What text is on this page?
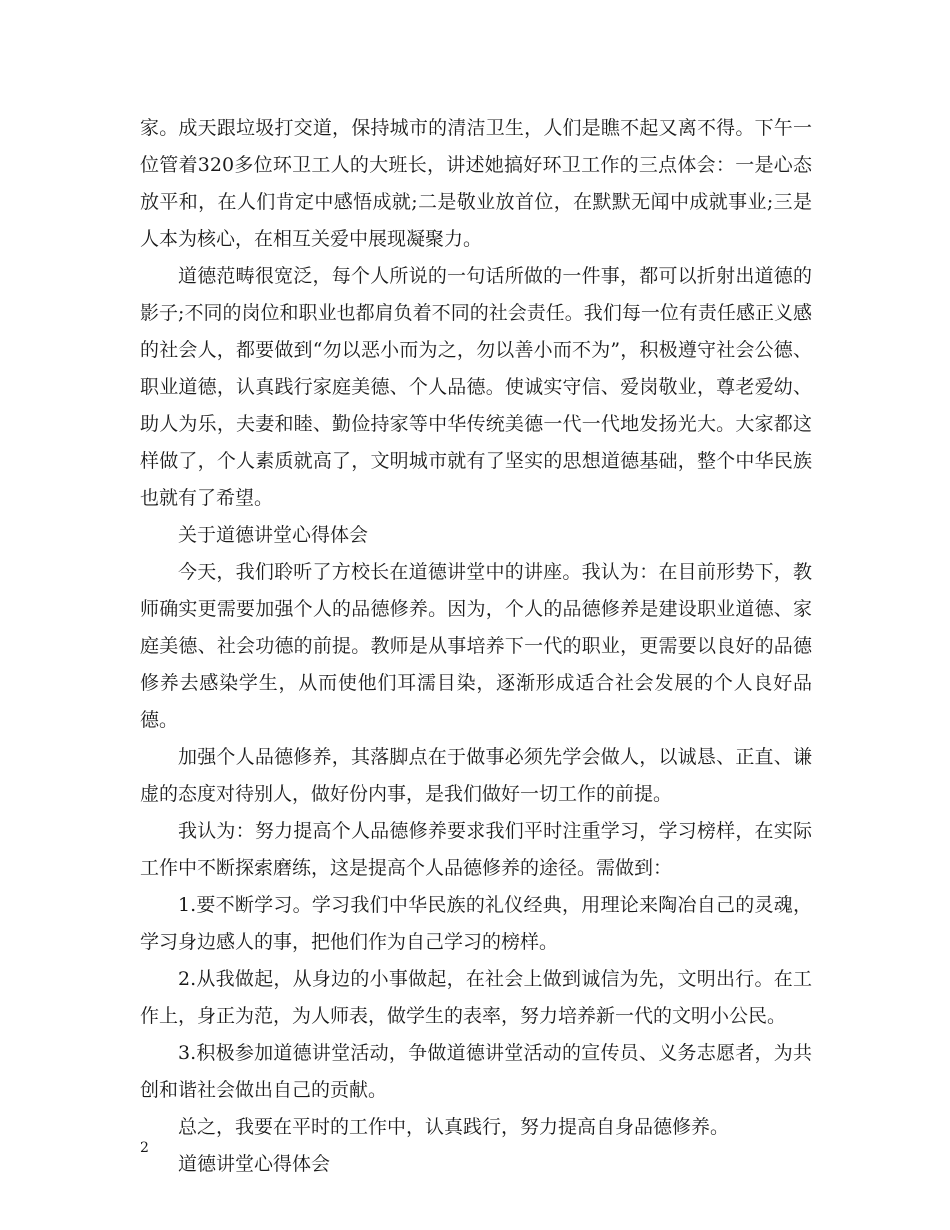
家。成天跟垃圾打交道，保持城市的清洁卫生，人们是瞧不起又离不得。下午一位管着320多位环卫工人的大班长，讲述她搞好环卫工作的三点体会：一是心态放平和，在人们肯定中感悟成就;二是敬业放首位，在默默无闻中成就事业;三是人本为核心，在相互关爱中展现凝聚力。

道德范畴很宽泛，每个人所说的一句话所做的一件事，都可以折射出道德的影子;不同的岗位和职业也都肩负着不同的社会责任。我们每一位有责任感正义感的社会人，都要做到“勿以恶小而为之，勿以善小而不为”，积极遵守社会公德、职业道德，认真践行家庭美德、个人品德。使诚实守信、爱岗敬业，尊老爱幼、助人为乐，夫妻和睦、勤俭持家等中华传统美德一代一代地发扬光大。大家都这样做了，个人素质就高了，文明城市就有了坚实的思想道德基础，整个中华民族也就有了希望。

关于道德讲堂心得体会

今天，我们聆听了方校长在道德讲堂中的讲座。我认为：在目前形势下，教师确实更需要加强个人的品德修养。因为，个人的品德修养是建设职业道德、家庭美德、社会功德的前提。教师是从事培养下一代的职业，更需要以良好的品德修养去感染学生，从而使他们耳濡目染，逐渐形成适合社会发展的个人良好品德。

加强个人品德修养，其落脚点在于做事必须先学会做人，以诚恳、正直、谦虚的态度对待别人，做好份内事，是我们做好一切工作的前提。

我认为：努力提高个人品德修养要求我们平时注重学习，学习榜样，在实际工作中不断探索磨练，这是提高个人品德修养的途径。需做到：

1.要不断学习。学习我们中华民族的礼仪经典，用理论来陶冶自己的灵魂，学习身边感人的事，把他们作为自己学习的榜样。

2.从我做起，从身边的小事做起，在社会上做到诚信为先，文明出行。在工作上，身正为范，为人师表，做学生的表率，努力培养新一代的文明小公民。

3.积极参加道德讲堂活动，争做道德讲堂活动的宣传员、义务志愿者，为共创和谐社会做出自己的贡献。

总之，我要在平时的工作中，认真践行，努力提高自身品德修养。

道德讲堂心得体会

2
